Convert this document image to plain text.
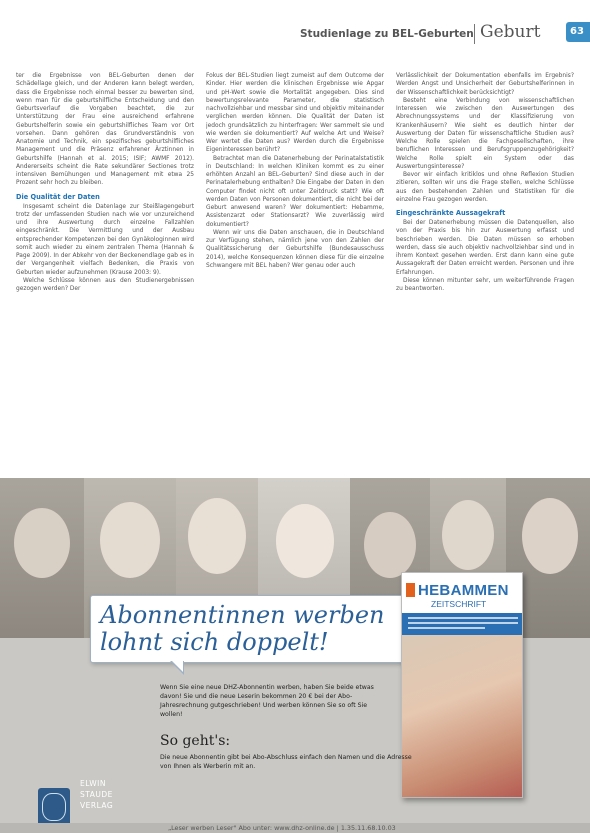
Studienlage zu BEL-Geburten Geburt	63

ter die Ergebnisse von BEL-Geburten denen der Schädellage gleich, und der Anderen kann belegt werden, dass die Ergebnisse noch einmal besser zu bewerten sind, wenn man für die geburtshilfliche Entscheidung und den Geburtsverlauf die Vorgaben beachtet, die zur Unterstützung der Frau eine ausreichend erfahrene Geburtshelferin sowie ein geburtshilfliches Team vor Ort vorsehen. Dann gehören das Grundverständnis von Anatomie und Technik, ein spezifisches geburtshilfliches Management und die Präsenz erfahrener Ärztinnen in Geburtshilfe (Hannah et al. 2015; ISIF; AWMF 2012). Andererseits scheint die Rate sekundärer Sectiones trotz intensiven Bemühungen und Management mit etwa 25 Prozent sehr hoch zu bleiben.

Die Qualität der Daten

Insgesamt scheint die Datenlage zur Steißlagengeburt trotz der umfassenden Studien nach wie vor unzureichend und ihre Auswertung durch einzelne Fallzahlen eingeschränkt. Die Vermittlung und der Ausbau entsprechender Kompetenzen bei den Gynäkologinnen wird somit auch wieder zu einem zentralen Thema (Hannah & Page 2009). In der Abkehr von der Beckenendlage gab es in der Vergangenheit vielfach Bedenken, die Praxis von Geburten wieder aufzunehmen (Krause 2003: 9).

Welche Schlüsse können aus den Studienergebnissen gezogen werden? Der

Fokus der BEL-Studien liegt zumeist auf dem Outcome der Kinder. Hier werden die klinischen Ergebnisse wie Apgar und pH-Wert sowie die Mortalität angegeben. Dies sind bewertungsrelevante Parameter, die statistisch nachvollziehbar und messbar sind und objektiv miteinander verglichen werden können. Die Qualität der Daten ist jedoch grundsätzlich zu hinterfragen: Wer sammelt sie und wie werden sie dokumentiert? Auf welche Art und Weise? Wer wertet die Daten aus? Werden durch die Ergebnisse Eigeninteressen berührt?

Betrachtet man die Datenerhebung der Perinatalstatistik in Deutschland: In welchen Kliniken kommt es zu einer erhöhten Anzahl an BEL-Geburten? Sind diese auch in der Perinatalerhebung enthalten? Die Eingabe der Daten in den Computer findet nicht oft unter Zeitdruck statt? Wie oft werden Daten von Personen dokumentiert, die nicht bei der Geburt anwesend waren? Wer dokumentiert: Hebamme, Assistenzarzt oder Stationsarzt? Wie zuverlässig wird dokumentiert?

Wenn wir uns die Daten anschauen, die in Deutschland zur Verfügung stehen, nämlich jene von den Zahlen der Qualitätssicherung der Geburtshilfe (Bundesausschuss 2014), welche Konsequenzen können diese für die einzelne Schwangere mit BEL haben? Wer genau oder auch

Verlässlichkeit der Dokumentation ebenfalls im Ergebnis? Werden Angst und Unsicherheit der Geburtshelferinnen in der Wissenschaftlichkeit berücksichtigt?

Besteht eine Verbindung von wissenschaftlichen Interessen wie zwischen den Auswertungen des Abrechnungssystems und der Klassifizierung von Krankenhäusern? Wie sieht es deutlich hinter der Auswertung der Daten für wissenschaftliche Studien aus? Welche Rolle spielen die Fachgesellschaften, ihre beruflichen Interessen und Berufsgruppenzugehörigkeit? Welche Rolle spielt ein System oder das Auswertungsinteresse?

Bevor wir einfach kritiklos und ohne Reflexion Studien zitieren, sollten wir uns die Frage stellen, welche Schlüsse aus den bestehenden Zahlen und Statistiken für die einzelne Frau gezogen werden.

Eingeschränkte Aussagekraft

Bei der Datenerhebung müssen die Datenquellen, also von der Praxis bis hin zur Auswertung erfasst und beschrieben werden. Die Daten müssen so erhoben werden, dass sie auch objektiv nachvollziehbar sind und in ihrem Kontext gesehen werden. Erst dann kann eine gute Aussagekraft der Daten erreicht werden. Personen und ihre Erfahrungen.

Diese können mitunter sehr, um weiterführende Fragen zu beantworten.

Abonnentinnen werben
lohnt sich doppelt!
HEBAMMEN
ZEITSCHRIFT
Wenn Sie eine neue DHZ-Abonnentin werben, haben Sie beide etwas davon! Sie und die neue Leserin bekommen 20 € bei der Abo-Jahresrechnung gutgeschrieben! Und werben können Sie so oft Sie wollen!
So geht's:
Die neue Abonnentin gibt bei Abo-Abschluss einfach den Namen und die Adresse von Ihnen als Werberin mit an.
ELWIN
STAUDE
VERLAG
„Leser werben Leser" Abo unter: www.dhz-online.de | 1.35.11.68.10.03
